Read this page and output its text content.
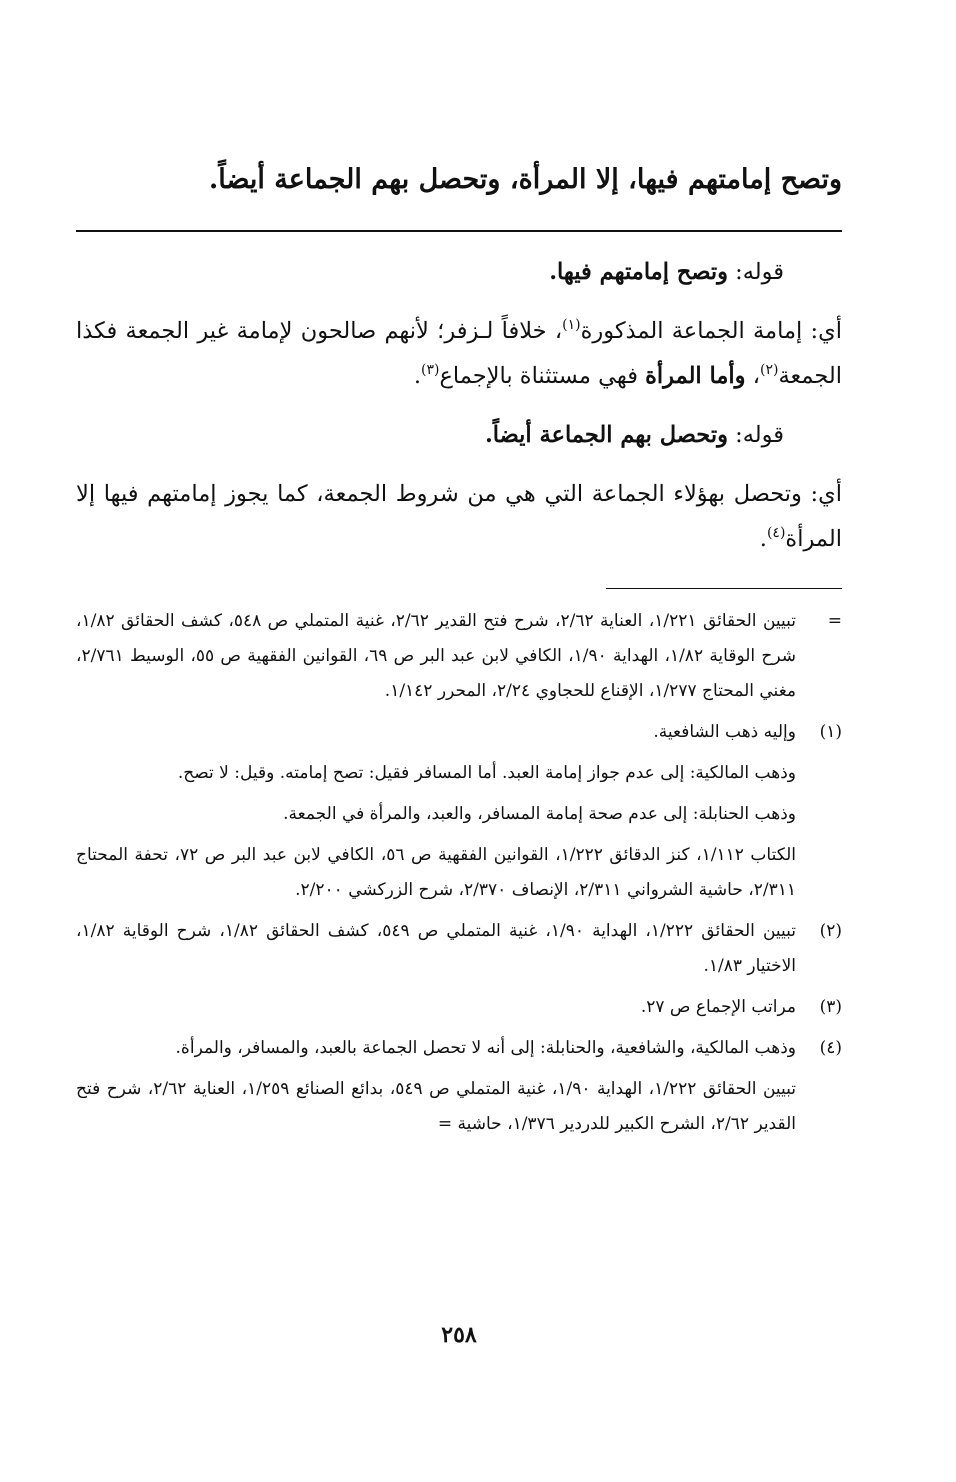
وتصح إمامتهم فيها، إلا المرأة، وتحصل بهم الجماعة أيضاً.

قوله: وتصح إمامتهم فيها.

أي: إمامة الجماعة المذكورة$^{(١)}$، خلافاً لـزفر؛ لأنهم صالحون لإمامة غير الجمعة فكذا الجمعة$^{(٢)}$، وأما المرأة فهي مستثناة بالإجماع$^{(٣)}$.

قوله: وتحصل بهم الجماعة أيضاً.

أي: وتحصل بهؤلاء الجماعة التي هي من شروط الجمعة، كما يجوز إمامتهم فيها إلا المرأة$^{(٤)}$.

=

تبيين الحقائق ١/٢٢١، العناية ٢/٦٢، شرح فتح القدير ٢/٦٢، غنية المتملي ص ٥٤٨، كشف الحقائق ١/٨٢، شرح الوقاية ١/٨٢، الهداية ١/٩٠، الكافي لابن عبد البر ص ٦٩، القوانين الفقهية ص ٥٥، الوسيط ٢/٧٦١، مغني المحتاج ١/٢٧٧، الإقناع للحجاوي ٢/٢٤، المحرر ١/١٤٢.

(١)

وإليه ذهب الشافعية.

وذهب المالكية: إلى عدم جواز إمامة العبد. أما المسافر فقيل: تصح إمامته. وقيل: لا تصح.

وذهب الحنابلة: إلى عدم صحة إمامة المسافر، والعبد، والمرأة في الجمعة.

الكتاب ١/١١٢، كنز الدقائق ١/٢٢٢، القوانين الفقهية ص ٥٦، الكافي لابن عبد البر ص ٧٢، تحفة المحتاج ٢/٣١١، حاشية الشرواني ٢/٣١١، الإنصاف ٢/٣٧٠، شرح الزركشي ٢/٢٠٠.

(٢)

تبيين الحقائق ١/٢٢٢، الهداية ١/٩٠، غنية المتملي ص ٥٤٩، كشف الحقائق ١/٨٢، شرح الوقاية ١/٨٢، الاختيار ١/٨٣.

(٣)

مراتب الإجماع ص ٢٧.

(٤)

وذهب المالكية، والشافعية، والحنابلة: إلى أنه لا تحصل الجماعة بالعبد، والمسافر، والمرأة.

تبيين الحقائق ١/٢٢٢، الهداية ١/٩٠، غنية المتملي ص ٥٤٩، بدائع الصنائع ١/٢٥٩، العناية ٢/٦٢، شرح فتح القدير ٢/٦٢، الشرح الكبير للدردير ١/٣٧٦، حاشية =

٢٥٨
